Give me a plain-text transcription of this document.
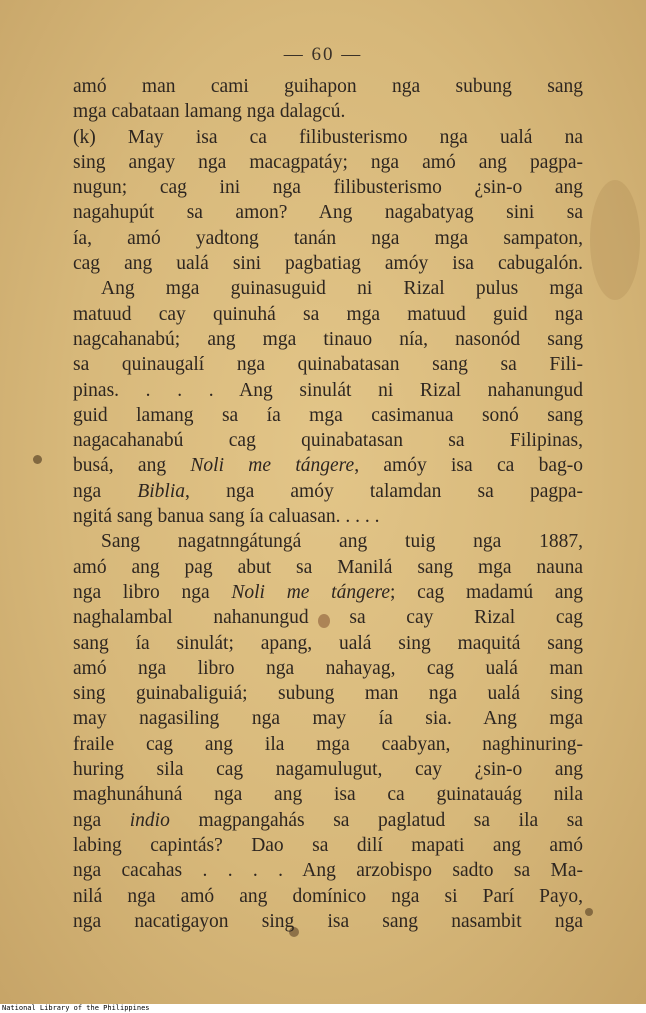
— 60 —
amó man cami guihapon nga subung sang
mga cabataan lamang nga dalagcú.
(k) May isa ca filibusterismo nga ualá na
sing angay nga macagpatáy; nga amó ang pagpa-
nugun; cag ini nga filibusterismo ¿sin-o ang
nagahupút sa amon? Ang nagabatyag sini sa
ía, amó yadtong tanán nga mga sampaton,
cag ang ualá sini pagbatiag amóy isa cabugalón.
Ang mga guinasuguid ni Rizal pulus mga
matuud cay quinuhá sa mga matuud guid nga
nagcahanabú; ang mga tinauo nía, nasonód sang
sa quinaugalí nga quinabatasan sang sa Fili-
pinas. . . . Ang sinulát ni Rizal nahanungud
guid lamang sa ía mga casimanua sonó sang
nagacahanabú cag quinabatasan sa Filipinas,
busá, ang Noli me tángere, amóy isa ca bag-o
nga Biblia, nga amóy talamdan sa pagpa-
ngitá sang banua sang ía caluasan. . . . .
Sang nagatnngátungá ang tuig nga 1887,
amó ang pag abut sa Manilá sang mga nauna
nga libro nga Noli me tángere; cag madamú ang
naghalambal nahanungud sa cay Rizal cag
sang ía sinulát; apang, ualá sing maquitá sang
amó nga libro nga nahayag, cag ualá man
sing guinabaliguiá; subung man nga ualá sing
may nagasiling nga may ía sia. Ang mga
fraile cag ang ila mga caabyan, naghinuring-
huring sila cag nagamulugut, cay ¿sin-o ang
maghunáhuná nga ang isa ca guinatauág nila
nga indio magpangahás sa paglatud sa ila sa
labing capintás? Dao sa dilí mapati ang amó
nga cacahas . . . . Ang arzobispo sadto sa Ma-
nilá nga amó ang domínico nga si Parí Payo,
nga nacatigayon sing isa sang nasambit nga
National Library of the Philippines
